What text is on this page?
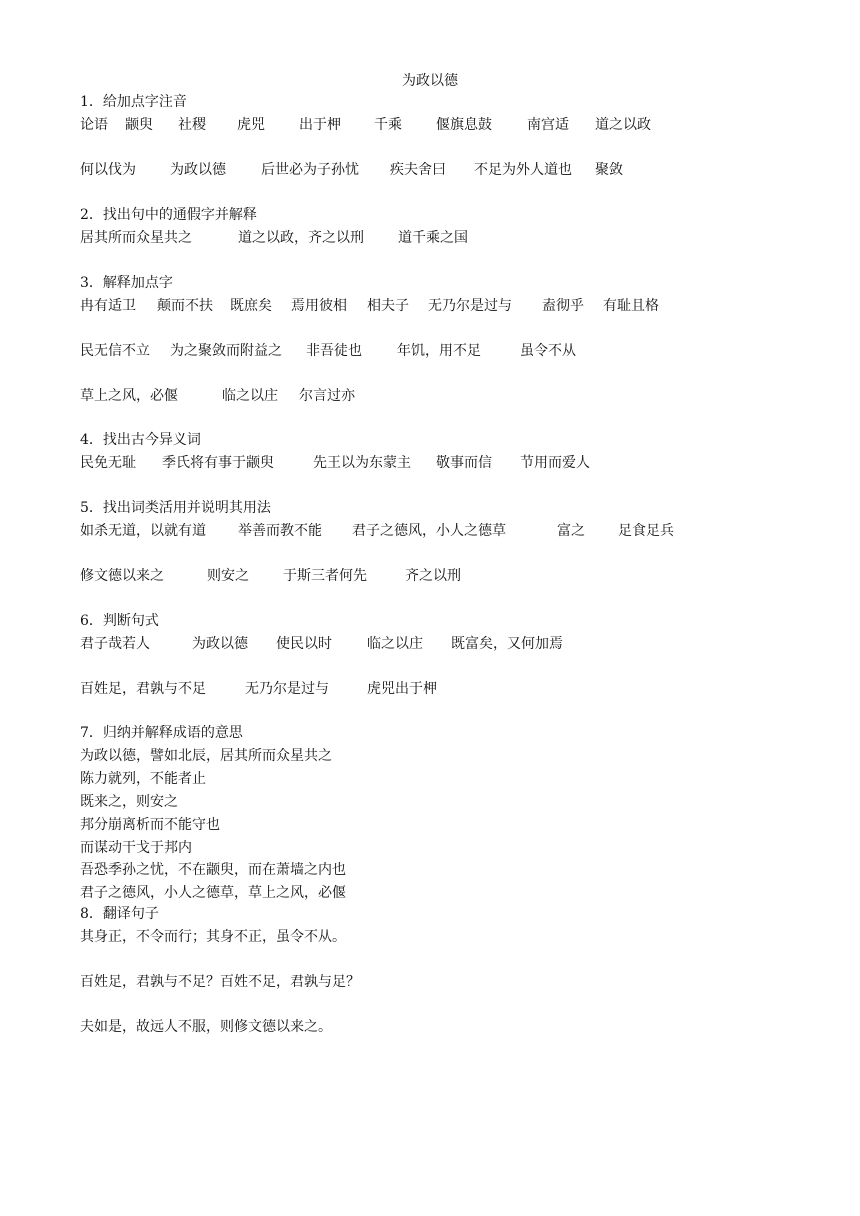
为政以德
1．给加点字注音
论语 颛臾 社稷 虎兕 出于柙 千乘 偃旗息鼓	南宫适 道之以政
何以伐为 为政以德	后世必为子孙忧 疾夫舍曰 不足为外人道也 聚敛
2．找出句中的通假字并解释
居其所而众星共之	道之以政，齐之以刑 道千乘之国
3．解释加点字
冉有适卫 颠而不扶 既庶矣 焉用彼相 相夫子 无乃尔是过与 盍彻乎 有耻且格
民无信不立 为之聚敛而附益之 非吾徒也	年饥，用不足	虽令不从
草上之风，必偃	临之以庄 尔言过亦
4．找出古今异义词
民免无耻 季氏将有事于颛臾	先王以为东蒙主 敬事而信 节用而爱人
5．找出词类活用并说明其用法
如杀无道，以就有道 举善而教不能 君子之德风，小人之德草	富之 足食足兵
修文德以来之	则安之 于斯三者何先	齐之以刑
6．判断句式
君子哉若人	为政以德 使民以时	临之以庄 既富矣，又何加焉
百姓足，君孰与不足	无乃尔是过与	虎兕出于柙
7．归纳并解释成语的意思
为政以德，譬如北辰，居其所而众星共之
陈力就列，不能者止
既来之，则安之
邦分崩离析而不能守也
而谋动干戈于邦内
吾恐季孙之忧，不在颛臾，而在萧墙之内也
君子之德风，小人之德草，草上之风，必偃
8．翻译句子
其身正，不令而行；其身不正，虽令不从。
百姓足，君孰与不足？百姓不足，君孰与足？
夫如是，故远人不服，则修文德以来之。
